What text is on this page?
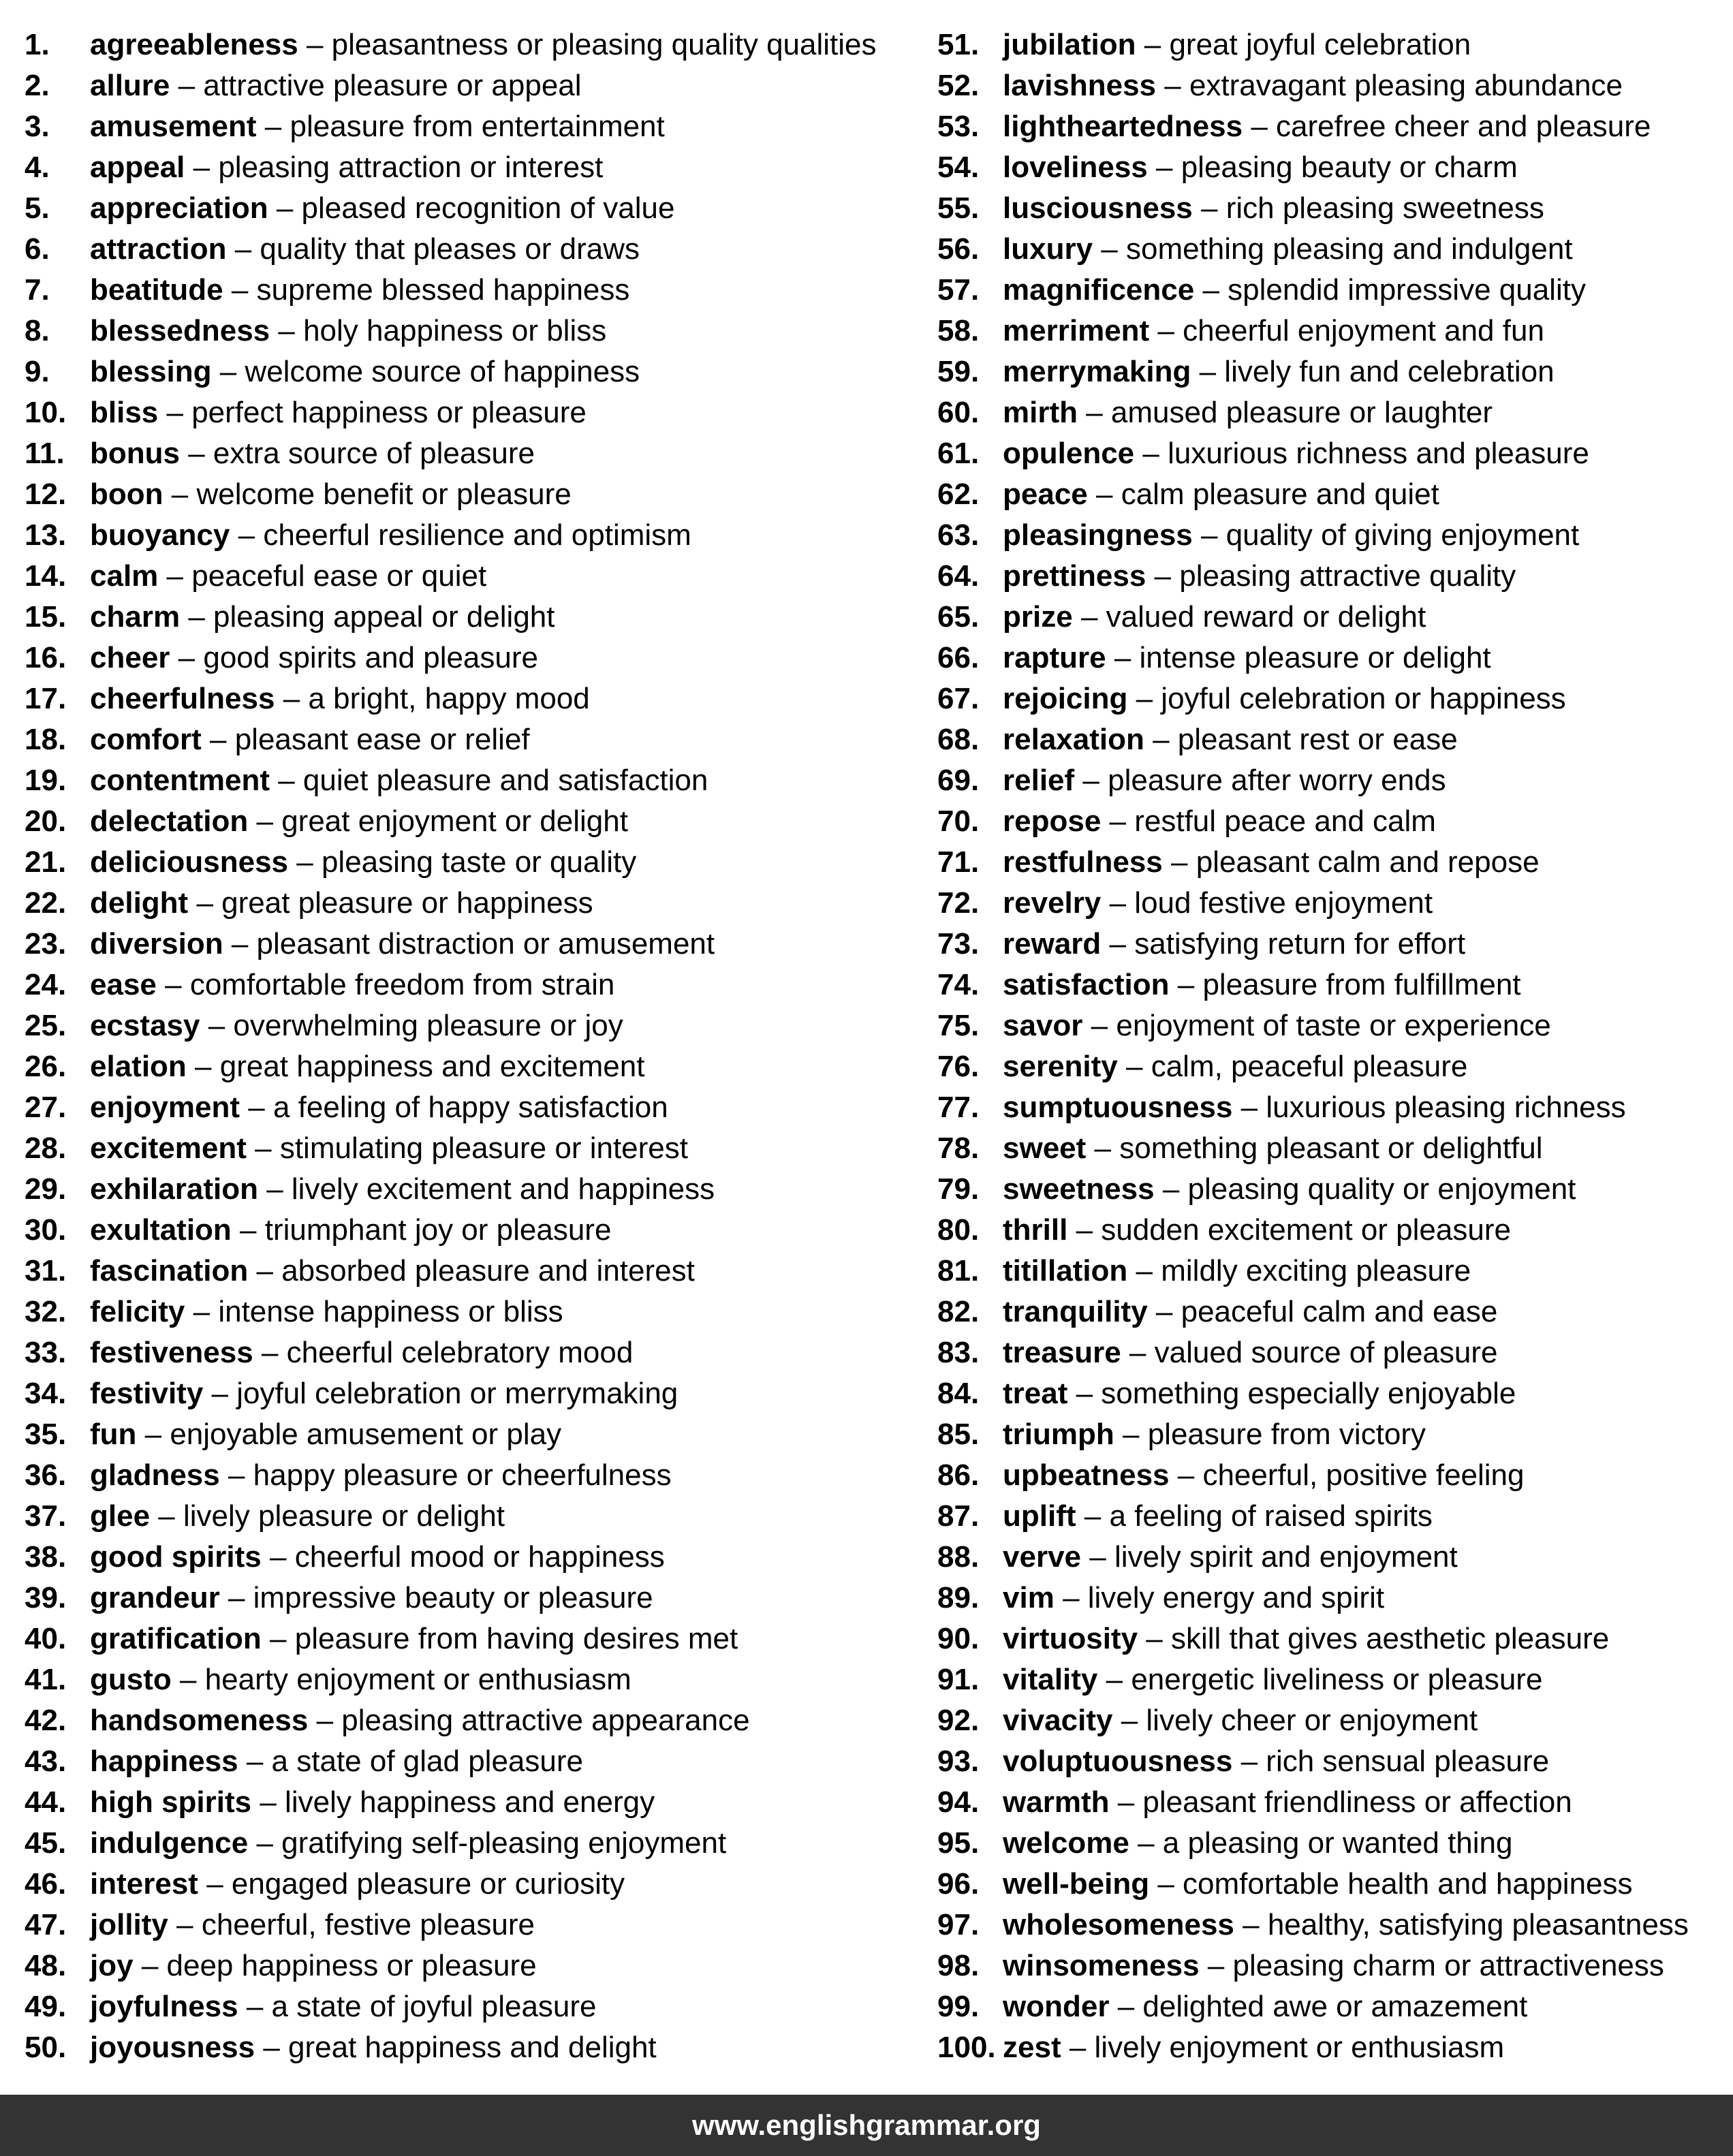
1. agreeableness – pleasantness or pleasing quality qualities
2. allure – attractive pleasure or appeal
3. amusement – pleasure from entertainment
4. appeal – pleasing attraction or interest
5. appreciation – pleased recognition of value
6. attraction – quality that pleases or draws
7. beatitude – supreme blessed happiness
8. blessedness – holy happiness or bliss
9. blessing – welcome source of happiness
10. bliss – perfect happiness or pleasure
11. bonus – extra source of pleasure
12. boon – welcome benefit or pleasure
13. buoyancy – cheerful resilience and optimism
14. calm – peaceful ease or quiet
15. charm – pleasing appeal or delight
16. cheer – good spirits and pleasure
17. cheerfulness – a bright, happy mood
18. comfort – pleasant ease or relief
19. contentment – quiet pleasure and satisfaction
20. delectation – great enjoyment or delight
21. deliciousness – pleasing taste or quality
22. delight – great pleasure or happiness
23. diversion – pleasant distraction or amusement
24. ease – comfortable freedom from strain
25. ecstasy – overwhelming pleasure or joy
26. elation – great happiness and excitement
27. enjoyment – a feeling of happy satisfaction
28. excitement – stimulating pleasure or interest
29. exhilaration – lively excitement and happiness
30. exultation – triumphant joy or pleasure
31. fascination – absorbed pleasure and interest
32. felicity – intense happiness or bliss
33. festiveness – cheerful celebratory mood
34. festivity – joyful celebration or merrymaking
35. fun – enjoyable amusement or play
36. gladness – happy pleasure or cheerfulness
37. glee – lively pleasure or delight
38. good spirits – cheerful mood or happiness
39. grandeur – impressive beauty or pleasure
40. gratification – pleasure from having desires met
41. gusto – hearty enjoyment or enthusiasm
42. handsomeness – pleasing attractive appearance
43. happiness – a state of glad pleasure
44. high spirits – lively happiness and energy
45. indulgence – gratifying self-pleasing enjoyment
46. interest – engaged pleasure or curiosity
47. jollity – cheerful, festive pleasure
48. joy – deep happiness or pleasure
49. joyfulness – a state of joyful pleasure
50. joyousness – great happiness and delight
51. jubilation – great joyful celebration
52. lavishness – extravagant pleasing abundance
53. lightheartedness – carefree cheer and pleasure
54. loveliness – pleasing beauty or charm
55. lusciousness – rich pleasing sweetness
56. luxury – something pleasing and indulgent
57. magnificence – splendid impressive quality
58. merriment – cheerful enjoyment and fun
59. merrymaking – lively fun and celebration
60. mirth – amused pleasure or laughter
61. opulence – luxurious richness and pleasure
62. peace – calm pleasure and quiet
63. pleasingness – quality of giving enjoyment
64. prettiness – pleasing attractive quality
65. prize – valued reward or delight
66. rapture – intense pleasure or delight
67. rejoicing – joyful celebration or happiness
68. relaxation – pleasant rest or ease
69. relief – pleasure after worry ends
70. repose – restful peace and calm
71. restfulness – pleasant calm and repose
72. revelry – loud festive enjoyment
73. reward – satisfying return for effort
74. satisfaction – pleasure from fulfillment
75. savor – enjoyment of taste or experience
76. serenity – calm, peaceful pleasure
77. sumptuousness – luxurious pleasing richness
78. sweet – something pleasant or delightful
79. sweetness – pleasing quality or enjoyment
80. thrill – sudden excitement or pleasure
81. titillation – mildly exciting pleasure
82. tranquility – peaceful calm and ease
83. treasure – valued source of pleasure
84. treat – something especially enjoyable
85. triumph – pleasure from victory
86. upbeatness – cheerful, positive feeling
87. uplift – a feeling of raised spirits
88. verve – lively spirit and enjoyment
89. vim – lively energy and spirit
90. virtuosity – skill that gives aesthetic pleasure
91. vitality – energetic liveliness or pleasure
92. vivacity – lively cheer or enjoyment
93. voluptuousness – rich sensual pleasure
94. warmth – pleasant friendliness or affection
95. welcome – a pleasing or wanted thing
96. well-being – comfortable health and happiness
97. wholesomeness – healthy, satisfying pleasantness
98. winsomeness – pleasing charm or attractiveness
99. wonder – delighted awe or amazement
100. zest – lively enjoyment or enthusiasm
www.englishgrammar.org
